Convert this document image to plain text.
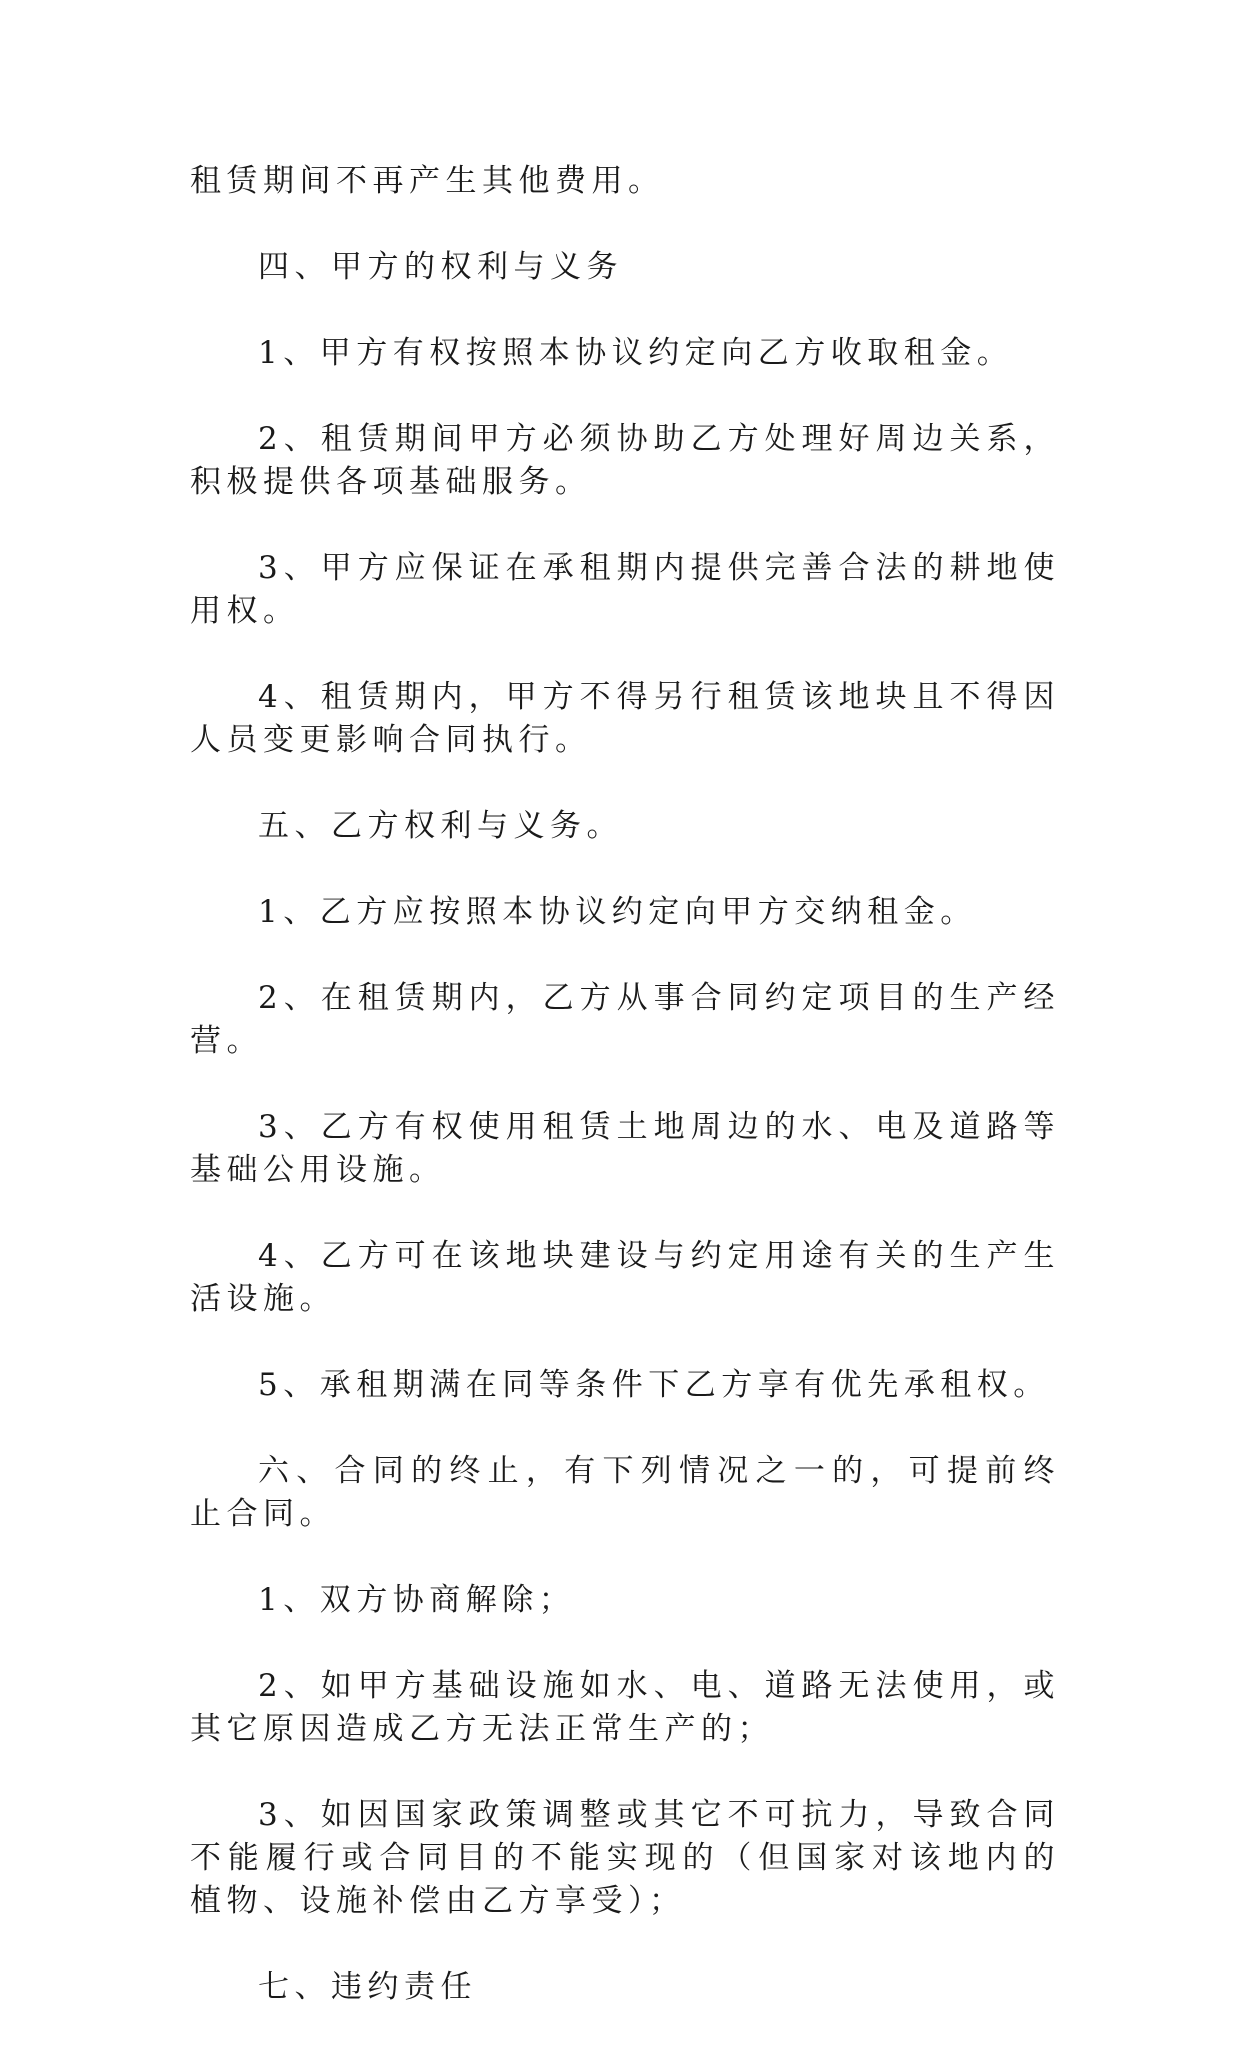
租赁期间不再产生其他费用。

四、甲方的权利与义务

1、甲方有权按照本协议约定向乙方收取租金。

2、租赁期间甲方必须协助乙方处理好周边关系，积极提供各项基础服务。

3、甲方应保证在承租期内提供完善合法的耕地使用权。

4、租赁期内，甲方不得另行租赁该地块且不得因人员变更影响合同执行。

五、乙方权利与义务。

1、乙方应按照本协议约定向甲方交纳租金。

2、在租赁期内，乙方从事合同约定项目的生产经营。

3、乙方有权使用租赁土地周边的水、电及道路等基础公用设施。

4、乙方可在该地块建设与约定用途有关的生产生活设施。

5、承租期满在同等条件下乙方享有优先承租权。

六、合同的终止，有下列情况之一的，可提前终止合同。

1、双方协商解除；

2、如甲方基础设施如水、电、道路无法使用，或其它原因造成乙方无法正常生产的；

3、如因国家政策调整或其它不可抗力，导致合同不能履行或合同目的不能实现的（但国家对该地内的植物、设施补偿由乙方享受）；

七、违约责任
